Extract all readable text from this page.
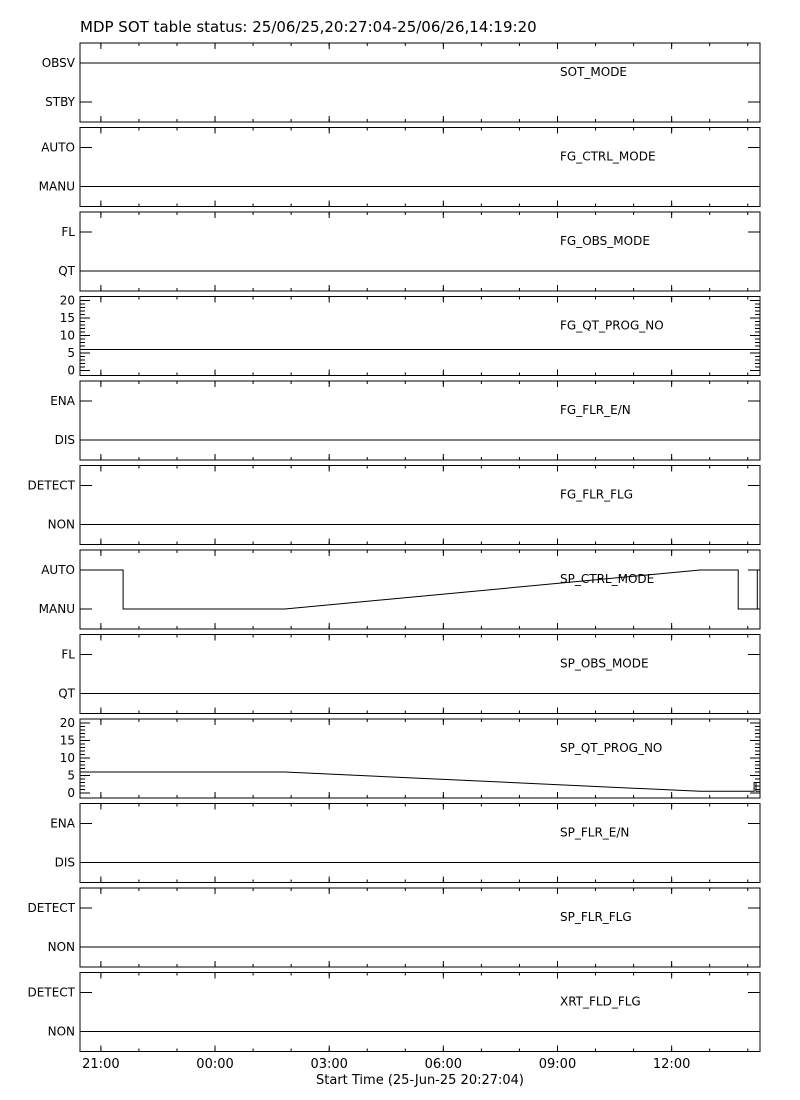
MDP SOT table status: 25/06/25,20:27:04-25/06/26,14:19:20
OBSV
STBY
SOT_MODE
AUTO
MANU
FG_CTRL_MODE
FL
QT
FG_OBS_MODE
0
5
10
15
20
FG_QT_PROG_NO
ENA
DIS
FG_FLR_E/N
DETECT
NON
FG_FLR_FLG
AUTO
MANU
SP_CTRL_MODE
FL
QT
SP_OBS_MODE
0
5
10
15
20
SP_QT_PROG_NO
ENA
DIS
SP_FLR_E/N
DETECT
NON
SP_FLR_FLG
DETECT
NON
XRT_FLD_FLG
21:00	00:00	03:00	06:00	09:00	12:00
Start Time (25-Jun-25 20:27:04)
